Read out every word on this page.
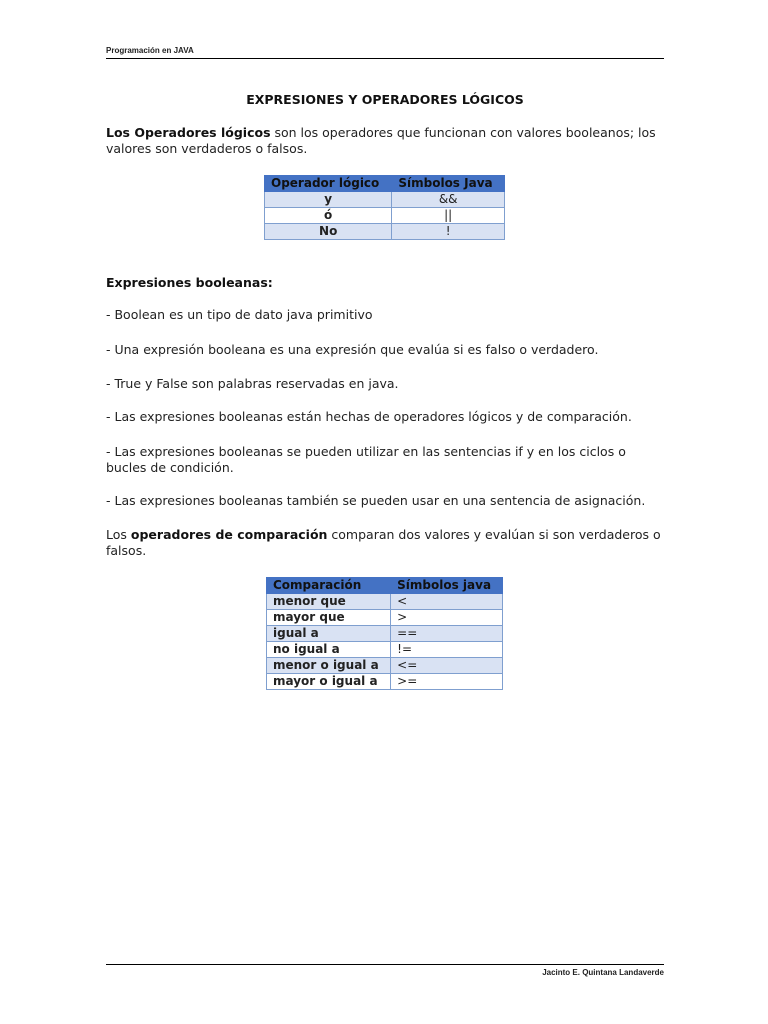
Programación en JAVA
EXPRESIONES Y OPERADORES LÓGICOS
Los Operadores lógicos son los operadores que funcionan con valores booleanos; los valores son verdaderos o falsos.
Operador lógico	Símbolos Java
y	&&
ó	||
No	!
Expresiones booleanas:
- Boolean es un tipo de dato java primitivo
- Una expresión booleana es una expresión que evalúa si es falso o verdadero.
- True y False son palabras reservadas en java.
- Las expresiones booleanas están hechas de operadores lógicos y de comparación.
- Las expresiones booleanas se pueden utilizar en las sentencias if y en los ciclos o bucles de condición.
- Las expresiones booleanas también se pueden usar en una sentencia de asignación.
Los operadores de comparación comparan dos valores y evalúan si son verdaderos o falsos.
Comparación	Símbolos java
menor que	<
mayor que	>
igual a	==
no igual a	!=
menor o igual a	<=
mayor o igual a	>=
Jacinto E. Quintana Landaverde
